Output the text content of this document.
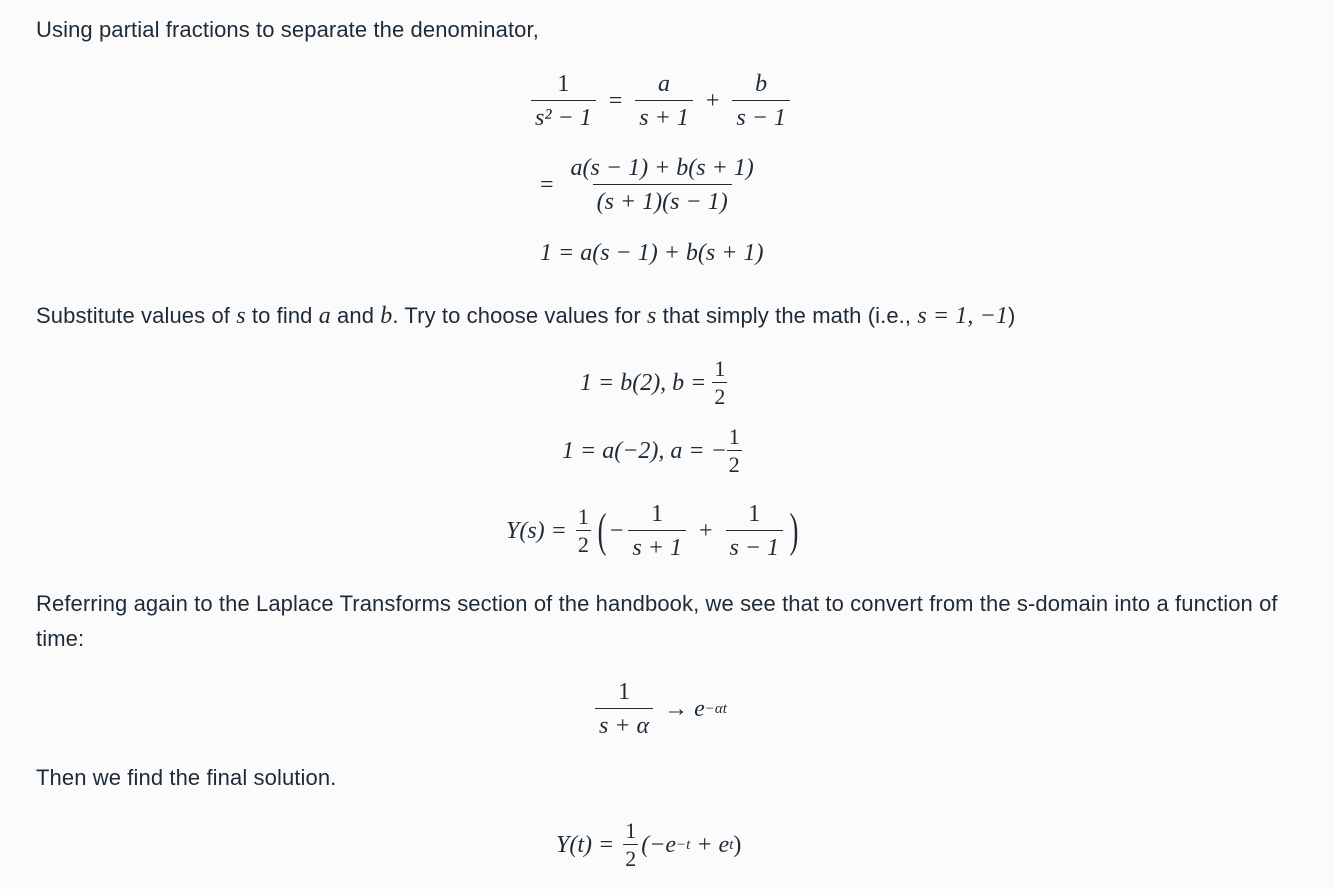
Using partial fractions to separate the denominator,
$\frac{1}{\text{s² − 1}} = \frac{a}{s + 1} + \frac{b}{s - 1}$
= $\frac{a(s - 1) + b(s + 1)}{(s + 1)(s - 1)}$
1 = a(s − 1) + b(s + 1)
Substitute values of s to find a and b. Try to choose values for s that simply the math (i.e., s = 1, −1)
1 = b(2), $b = \frac{1}{2}$
1 = a(−2), a = − $\frac{1}{2}$
$Y(s) = \frac{1}{2}$ ( − $\frac{1}{s + 1} + \frac{1}{s - 1}$ )
Referring again to the Laplace Transforms section of the handbook, we see that to convert from the s-domain into a function of time:
$\frac{1}{s + \alpha} \to e -\alpha t$
Then we find the final solution.
$Y(t) = \frac{1}{2} (-e -t + e$ t )
